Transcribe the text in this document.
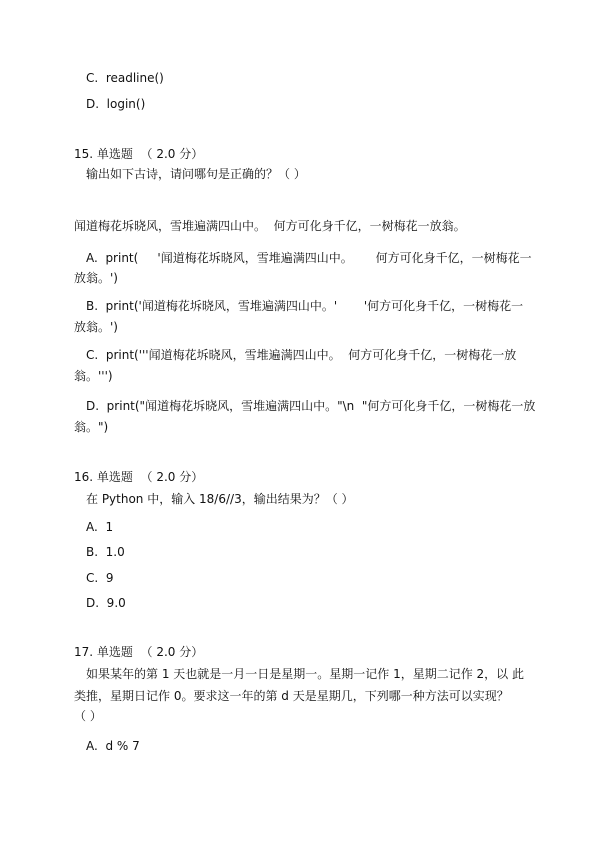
C.  readline()
D.  login()
15. 单选题  （ 2.0 分）
输出如下古诗，请问哪句是正确的？（ ）
闻道梅花坼晓风，雪堆遍满四山中。  何方可化身千亿，一树梅花一放翁。
A.  print(     '闻道梅花坼晓风，雪堆遍满四山中。      何方可化身千亿，一树梅花一
放翁。')
B.  print('闻道梅花坼晓风，雪堆遍满四山中。'       '何方可化身千亿，一树梅花一
放翁。')
C.  print('''闻道梅花坼晓风，雪堆遍满四山中。  何方可化身千亿，一树梅花一放
翁。''')
D.  print("闻道梅花坼晓风，雪堆遍满四山中。"\n  "何方可化身千亿，一树梅花一放
翁。")
16. 单选题  （ 2.0 分）
在 Python 中，输入 18/6//3，输出结果为？（ ）
A.  1
B.  1.0
C.  9
D.  9.0
17. 单选题  （ 2.0 分）
如果某年的第 1 天也就是一月一日是星期一。星期一记作 1，星期二记作 2，以 此
类推，星期日记作 0。要求这一年的第 d 天是星期几，下列哪一种方法可以实现？
（ ）
A.  d % 7
